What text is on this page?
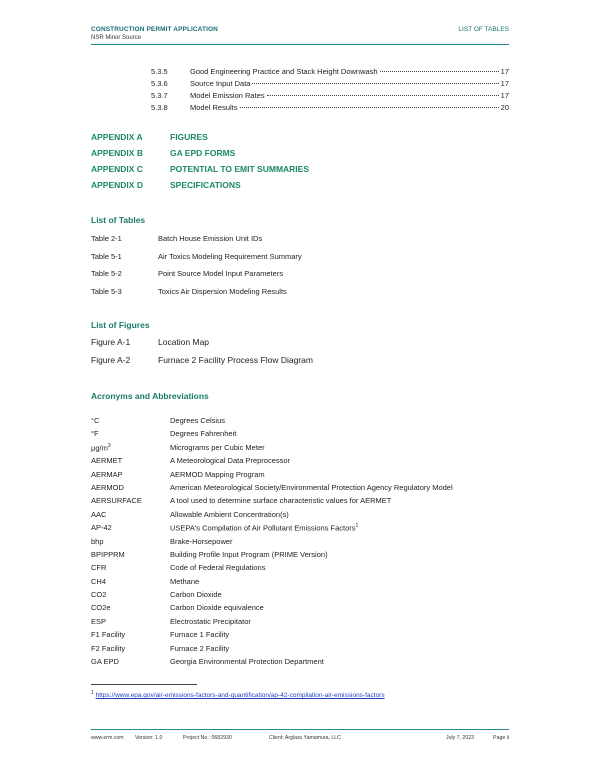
CONSTRUCTION PERMIT APPLICATION
NSR Minor Source
LIST OF TABLES
5.3.5	Good Engineering Practice and Stack Height Downwash	17
5.3.6	Source Input Data	17
5.3.7	Model Emission Rates	17
5.3.8	Model Results	20
APPENDIX A	FIGURES
APPENDIX B	GA EPD FORMS
APPENDIX C	POTENTIAL TO EMIT SUMMARIES
APPENDIX D	SPECIFICATIONS
List of Tables
Table 2-1	Batch House Emission Unit IDs
Table 5-1	Air Toxics Modeling Requirement Summary
Table 5-2	Point Source Model Input Parameters
Table 5-3	Toxics Air Dispersion Modeling Results
List of Figures
Figure A-1	Location Map
Figure A-2	Furnace 2 Facility Process Flow Diagram
Acronyms and Abbreviations
°C	Degrees Celsius
°F	Degrees Fahrenheit
$\mu g/m^3$	Micrograms per Cubic Meter
AERMET	A Meteorological Data Preprocessor
AERMAP	AERMOD Mapping Program
AERMOD	American Meteorological Society/Environmental Protection Agency Regulatory Model
AERSURFACE	A tool used to determine surface characteristic values for AERMET
AAC	Allowable Ambient Concentration(s)
AP-42	USEPA's Compilation of Air Pollutant Emissions Factors$^1$
bhp	Brake-Horsepower
BPIPPRM	Building Profile Input Program (PRIME Version)
CFR	Code of Federal Regulations
CH4	Methane
CO2	Carbon Dioxide
CO2e	Carbon Dioxide equivalence
ESP	Electrostatic Precipitator
F1 Facility	Furnace 1 Facility
F2 Facility	Furnace 2 Facility
GA EPD	Georgia Environmental Protection Department
$^1$ https://www.epa.gov/air-emissions-factors-and-quantification/ap-42-compilation-air-emissions-factors
www.erm.com Version: 1.0	Project No.: 0682930	Client: Arglass Yamamura, LLC	July 7, 2023	Page ii
